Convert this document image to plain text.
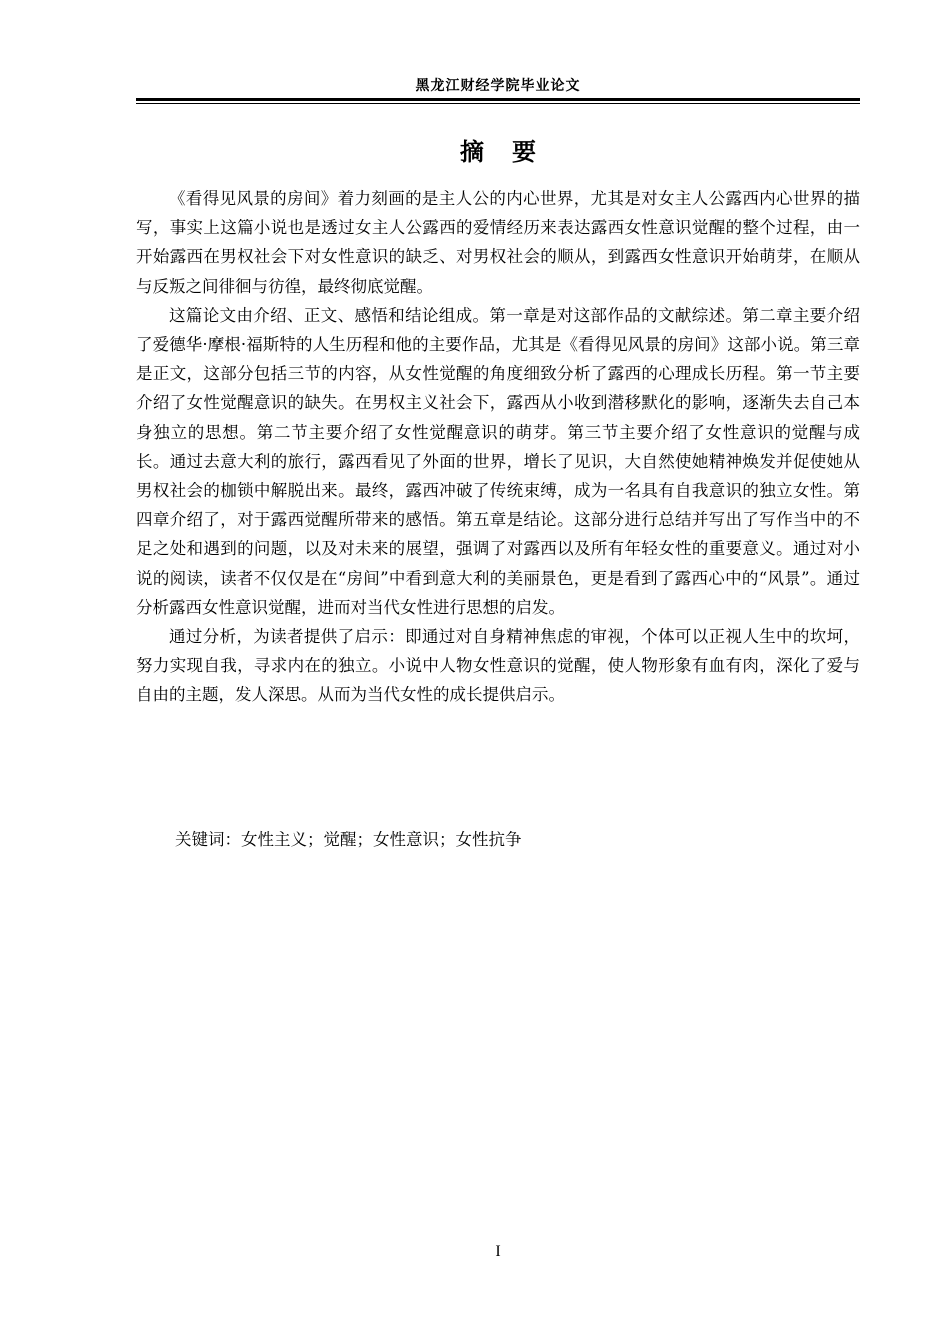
黑龙江财经学院毕业论文
摘要

《看得见风景的房间》着力刻画的是主人公的内心世界，尤其是对女主人公露西内心世界的描写，事实上这篇小说也是透过女主人公露西的爱情经历来表达露西女性意识觉醒的整个过程，由一开始露西在男权社会下对女性意识的缺乏、对男权社会的顺从，到露西女性意识开始萌芽，在顺从与反叛之间徘徊与彷徨，最终彻底觉醒。

这篇论文由介绍、正文、感悟和结论组成。第一章是对这部作品的文献综述。第二章主要介绍了爱德华·摩根·福斯特的人生历程和他的主要作品，尤其是《看得见风景的房间》这部小说。第三章是正文，这部分包括三节的内容，从女性觉醒的角度细致分析了露西的心理成长历程。第一节主要介绍了女性觉醒意识的缺失。在男权主义社会下，露西从小收到潜移默化的影响，逐渐失去自己本身独立的思想。第二节主要介绍了女性觉醒意识的萌芽。第三节主要介绍了女性意识的觉醒与成长。通过去意大利的旅行，露西看见了外面的世界，增长了见识，大自然使她精神焕发并促使她从男权社会的枷锁中解脱出来。最终，露西冲破了传统束缚，成为一名具有自我意识的独立女性。第四章介绍了，对于露西觉醒所带来的感悟。第五章是结论。这部分进行总结并写出了写作当中的不足之处和遇到的问题，以及对未来的展望，强调了对露西以及所有年轻女性的重要意义。通过对小说的阅读，读者不仅仅是在“房间”中看到意大利的美丽景色，更是看到了露西心中的“风景”。通过分析露西女性意识觉醒，进而对当代女性进行思想的启发。

通过分析，为读者提供了启示：即通过对自身精神焦虑的审视，个体可以正视人生中的坎坷，努力实现自我，寻求内在的独立。小说中人物女性意识的觉醒，使人物形象有血有肉，深化了爱与自由的主题，发人深思。从而为当代女性的成长提供启示。

关键词：女性主义；觉醒；女性意识；女性抗争
I
